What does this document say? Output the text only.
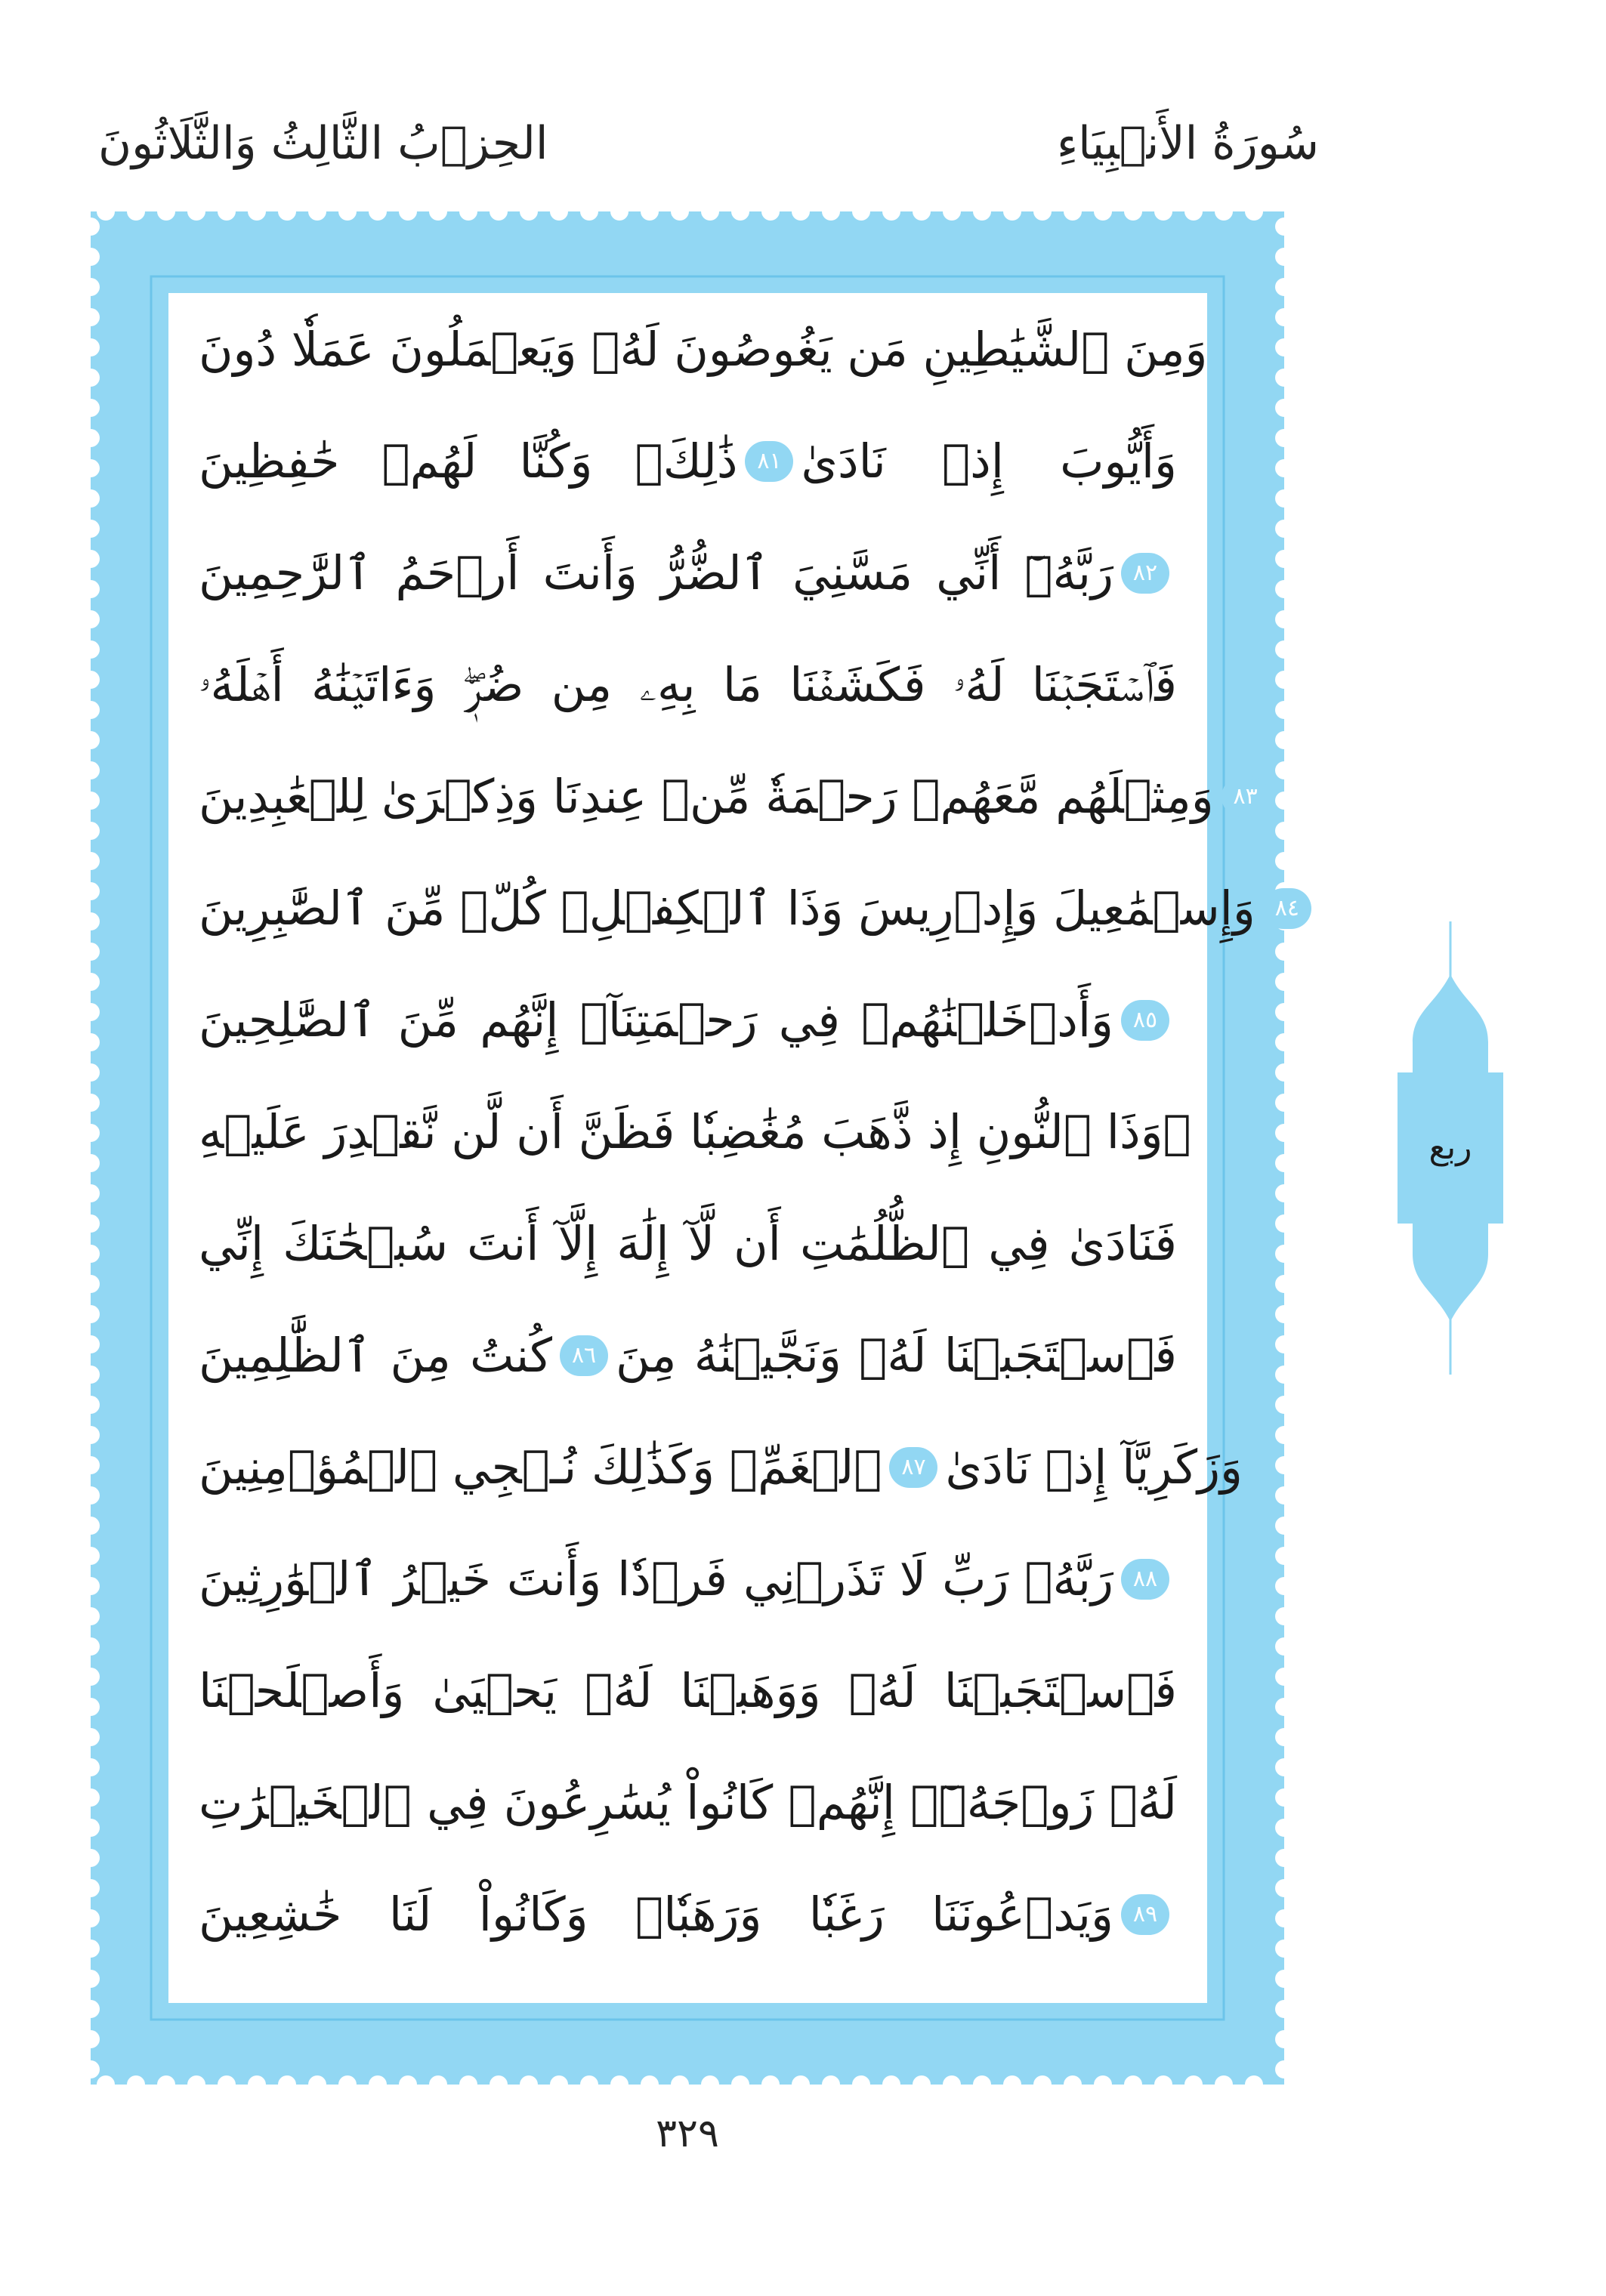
سُورَةُ الأَنۡبِيَاءِ
الحِزۡبُ الثَّالِثُ وَالثَّلَاثُونَ
وَمِنَ ٱلشَّيَٰطِينِ مَن يَغُوصُونَ لَهُۥ وَيَعۡمَلُونَ عَمَلٗا دُونَ
ذَٰلِكَۖ وَكُنَّا لَهُمۡ حَٰفِظِينَ ٨١ وَأَيُّوبَ إِذۡ نَادَىٰ
رَبَّهُۥٓ أَنِّي مَسَّنِيَ ٱلضُّرُّ وَأَنتَ أَرۡحَمُ ٱلرَّٰحِمِينَ ٨٢
فَٱسۡتَجَبۡنَا لَهُۥ فَكَشَفۡنَا مَا بِهِۦ مِن ضُرّٖۖ وَءَاتَيۡنَٰهُ أَهۡلَهُۥ
وَمِثۡلَهُم مَّعَهُمۡ رَحۡمَةٗ مِّنۡ عِندِنَا وَذِكۡرَىٰ لِلۡعَٰبِدِينَ ٨٣
وَإِسۡمَٰعِيلَ وَإِدۡرِيسَ وَذَا ٱلۡكِفۡلِۖ كُلّٞ مِّنَ ٱلصَّٰبِرِينَ ٨٤
وَأَدۡخَلۡنَٰهُمۡ فِي رَحۡمَتِنَآۖ إِنَّهُم مِّنَ ٱلصَّٰلِحِينَ ٨٥
۞وَذَا ٱلنُّونِ إِذ ذَّهَبَ مُغَٰضِبٗا فَظَنَّ أَن لَّن نَّقۡدِرَ عَلَيۡهِ
فَنَادَىٰ فِي ٱلظُّلُمَٰتِ أَن لَّآ إِلَٰهَ إِلَّآ أَنتَ سُبۡحَٰنَكَ إِنِّي
كُنتُ مِنَ ٱلظَّٰلِمِينَ ٨٦ فَٱسۡتَجَبۡنَا لَهُۥ وَنَجَّيۡنَٰهُ مِنَ
ٱلۡغَمِّۚ وَكَذَٰلِكَ نُـۨجِي ٱلۡمُؤۡمِنِينَ ٨٧ وَزَكَرِيَّآ إِذۡ نَادَىٰ
رَبَّهُۥ رَبِّ لَا تَذَرۡنِي فَرۡدٗا وَأَنتَ خَيۡرُ ٱلۡوَٰرِثِينَ ٨٨
فَٱسۡتَجَبۡنَا لَهُۥ وَوَهَبۡنَا لَهُۥ يَحۡيَىٰ وَأَصۡلَحۡنَا
لَهُۥ زَوۡجَهُۥٓۚ إِنَّهُمۡ كَانُواْ يُسَٰرِعُونَ فِي ٱلۡخَيۡرَٰتِ
وَيَدۡعُونَنَا رَغَبٗا وَرَهَبٗاۖ وَكَانُواْ لَنَا خَٰشِعِينَ ٨٩
٣٢٩
ربع
